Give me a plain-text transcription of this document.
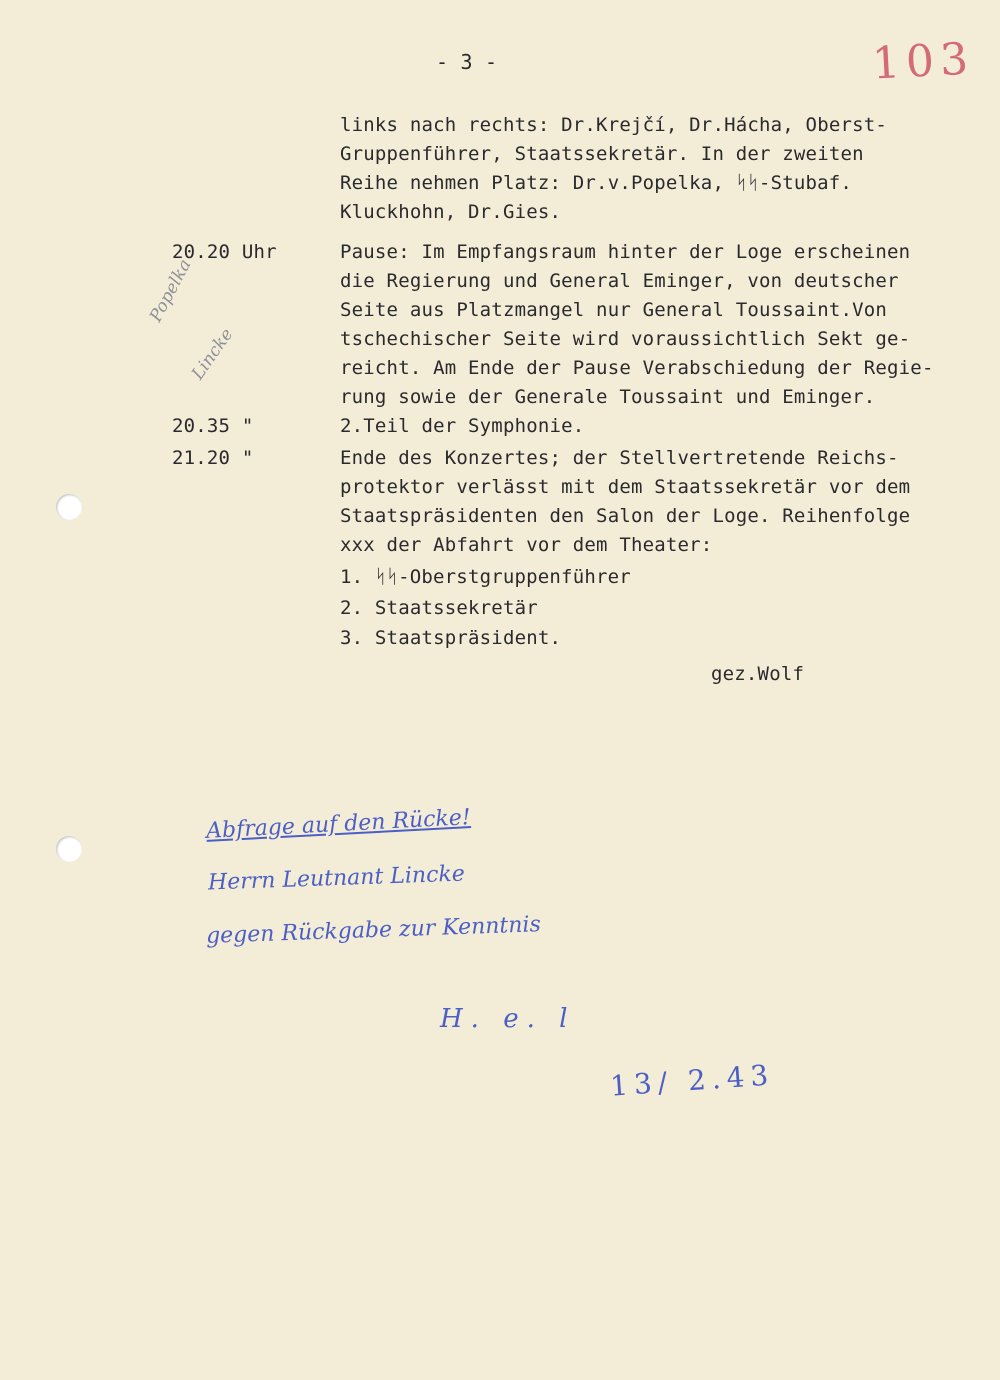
- 3 -	103
links nach rechts: Dr.Krejčí, Dr.Hácha, Oberst-
Gruppenführer, Staatssekretär. In der zweiten
Reihe nehmen Platz: Dr.v.Popelka, ᛋᛋ-Stubaf.
Kluckhohn, Dr.Gies.
20.20 Uhr	Pause: Im Empfangsraum hinter der Loge erscheinen
die Regierung und General Eminger, von deutscher
Seite aus Platzmangel nur General Toussaint.Von
tschechischer Seite wird voraussichtlich Sekt ge-
reicht. Am Ende der Pause Verabschiedung der Regie-
rung sowie der Generale Toussaint und Eminger.
Popelka
Lincke
20.35 "	2.Teil der Symphonie.
21.20 "	Ende des Konzertes; der Stellvertretende Reichs-
protektor verlässt mit dem Staatssekretär vor dem
Staatspräsidenten den Salon der Loge. Reihenfolge
xxx der Abfahrt vor dem Theater:
1. ᛋᛋ-Oberstgruppenführer
2. Staatssekretär
3. Staatspräsident.
gez.Wolf
Abfrage auf den Rücke!
Herrn Leutnant Lincke
gegen Rückgabe zur Kenntnis
H. e. l
13/ 2.43
